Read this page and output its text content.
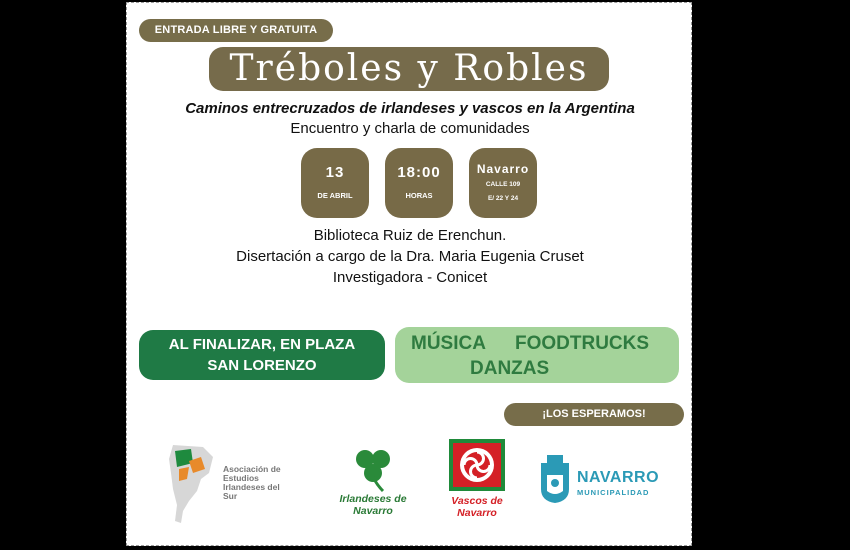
ENTRADA LIBRE Y GRATUITA
Tréboles y Robles
Caminos entrecruzados de irlandeses y vascos en la Argentina
Encuentro y charla de comunidades
13
DE ABRIL
18:00
HORAS
Navarro
CALLE 109
E/ 22 Y 24
Biblioteca Ruiz de Erenchun.
Disertación a cargo de la Dra. Maria Eugenia Cruset
Investigadora - Conicet
AL FINALIZAR, EN PLAZA
SAN LORENZO
MÚSICA FOODTRUCKS
DANZAS
¡LOS ESPERAMOS!
Asociación de
Estudios
Irlandeses del
Sur	Irlandeses de
Navarro
Vascos de
Navarro
NAVARRO
MUNICIPALIDAD
